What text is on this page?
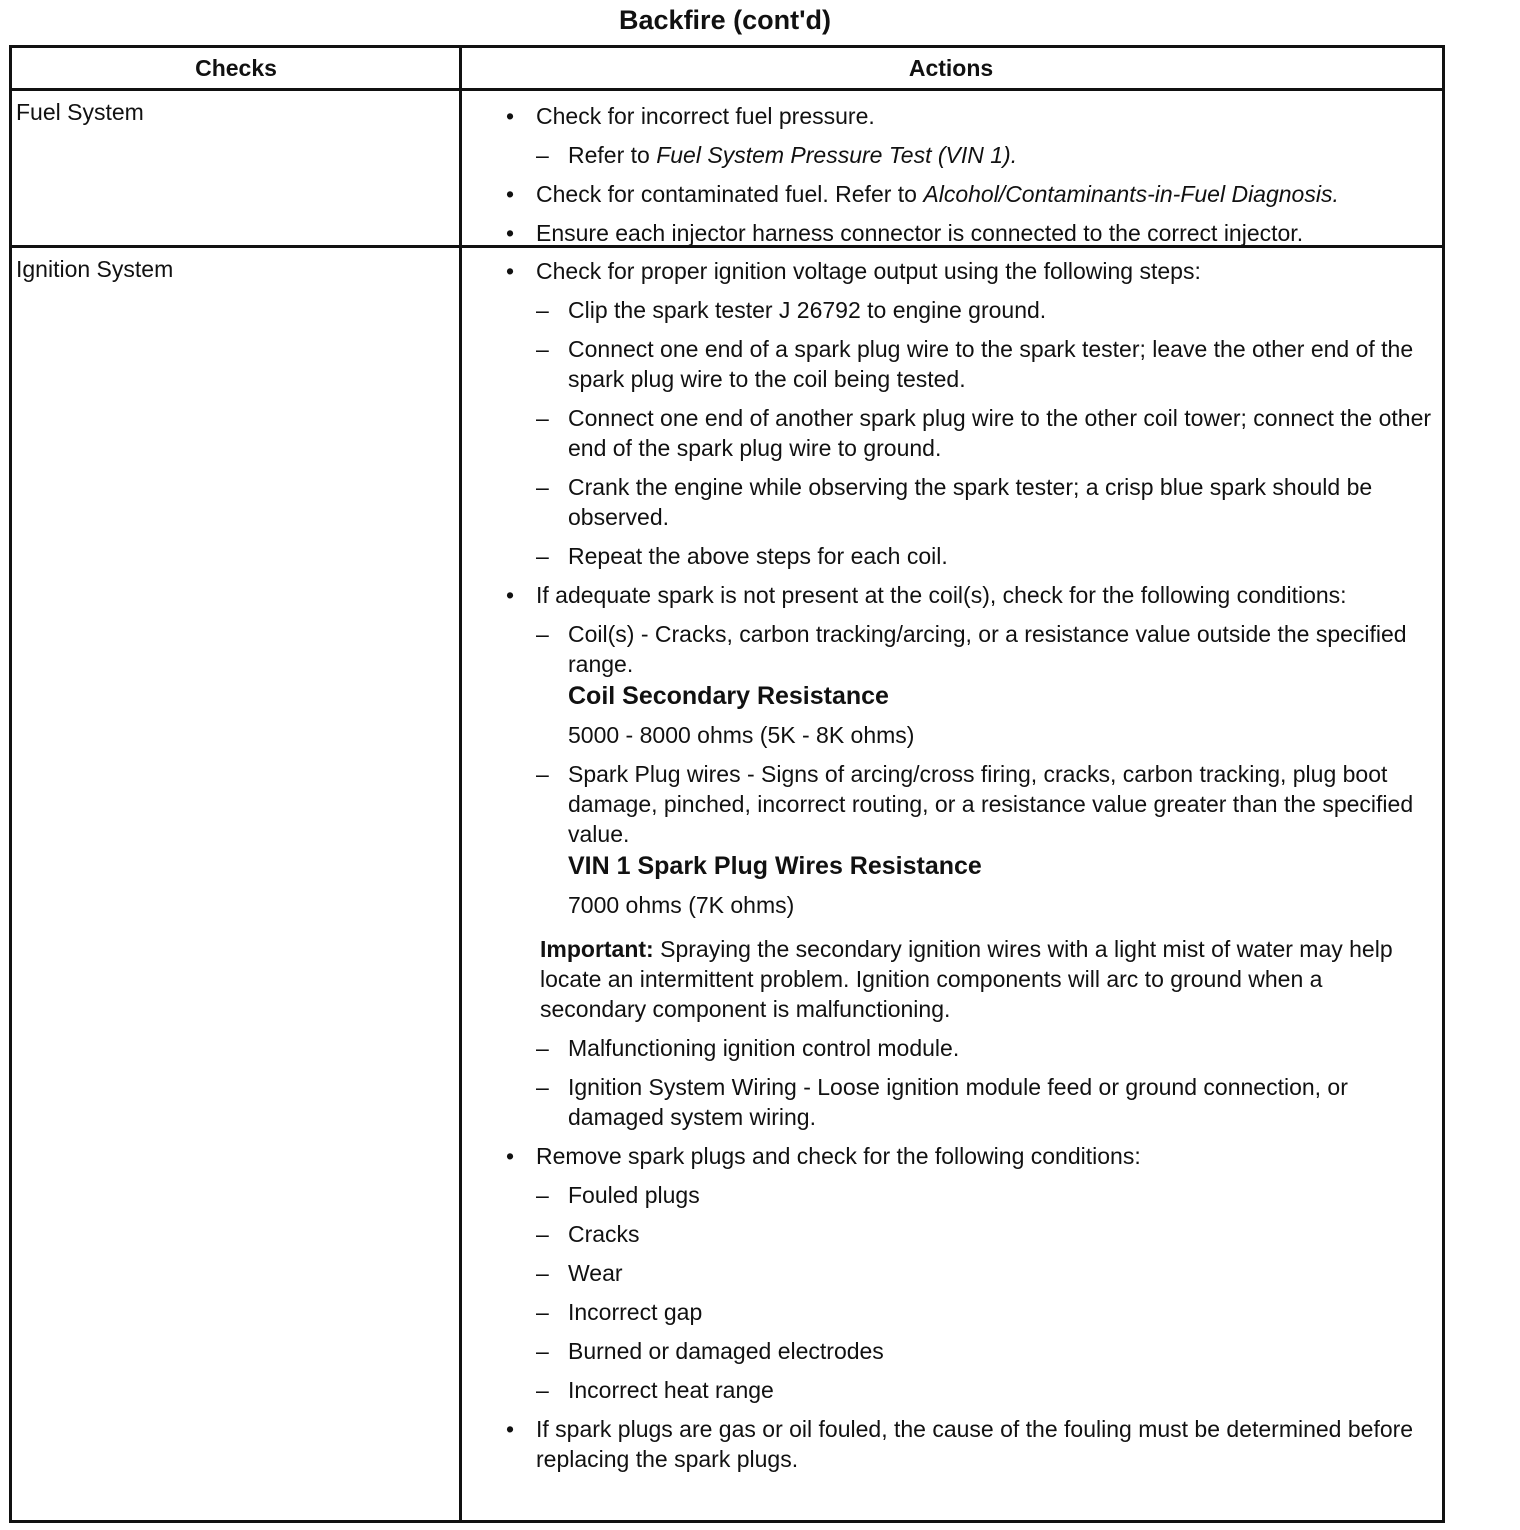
Backfire (cont'd)
Checks	Actions
Fuel System	• Check for incorrect fuel pressure.
– Refer to Fuel System Pressure Test (VIN 1).
• Check for contaminated fuel. Refer to Alcohol/Contaminants-in-Fuel Diagnosis.
• Ensure each injector harness connector is connected to the correct injector.
Ignition System	• Check for proper ignition voltage output using the following steps:
– Clip the spark tester J 26792 to engine ground.
– Connect one end of a spark plug wire to the spark tester; leave the other end of the spark plug wire to the coil being tested.
– Connect one end of another spark plug wire to the other coil tower; connect the other end of the spark plug wire to ground.
– Crank the engine while observing the spark tester; a crisp blue spark should be observed.
– Repeat the above steps for each coil.
• If adequate spark is not present at the coil(s), check for the following conditions:
– Coil(s) - Cracks, carbon tracking/arcing, or a resistance value outside the specified range.
Coil Secondary Resistance
5000 - 8000 ohms (5K - 8K ohms)
– Spark Plug wires - Signs of arcing/cross firing, cracks, carbon tracking, plug boot damage, pinched, incorrect routing, or a resistance value greater than the specified value.
VIN 1 Spark Plug Wires Resistance
7000 ohms (7K ohms)
Important: Spraying the secondary ignition wires with a light mist of water may help locate an intermittent problem. Ignition components will arc to ground when a secondary component is malfunctioning.
– Malfunctioning ignition control module.
– Ignition System Wiring - Loose ignition module feed or ground connection, or damaged system wiring.
• Remove spark plugs and check for the following conditions:
– Fouled plugs
– Cracks
– Wear
– Incorrect gap
– Burned or damaged electrodes
– Incorrect heat range
• If spark plugs are gas or oil fouled, the cause of the fouling must be determined before replacing the spark plugs.
